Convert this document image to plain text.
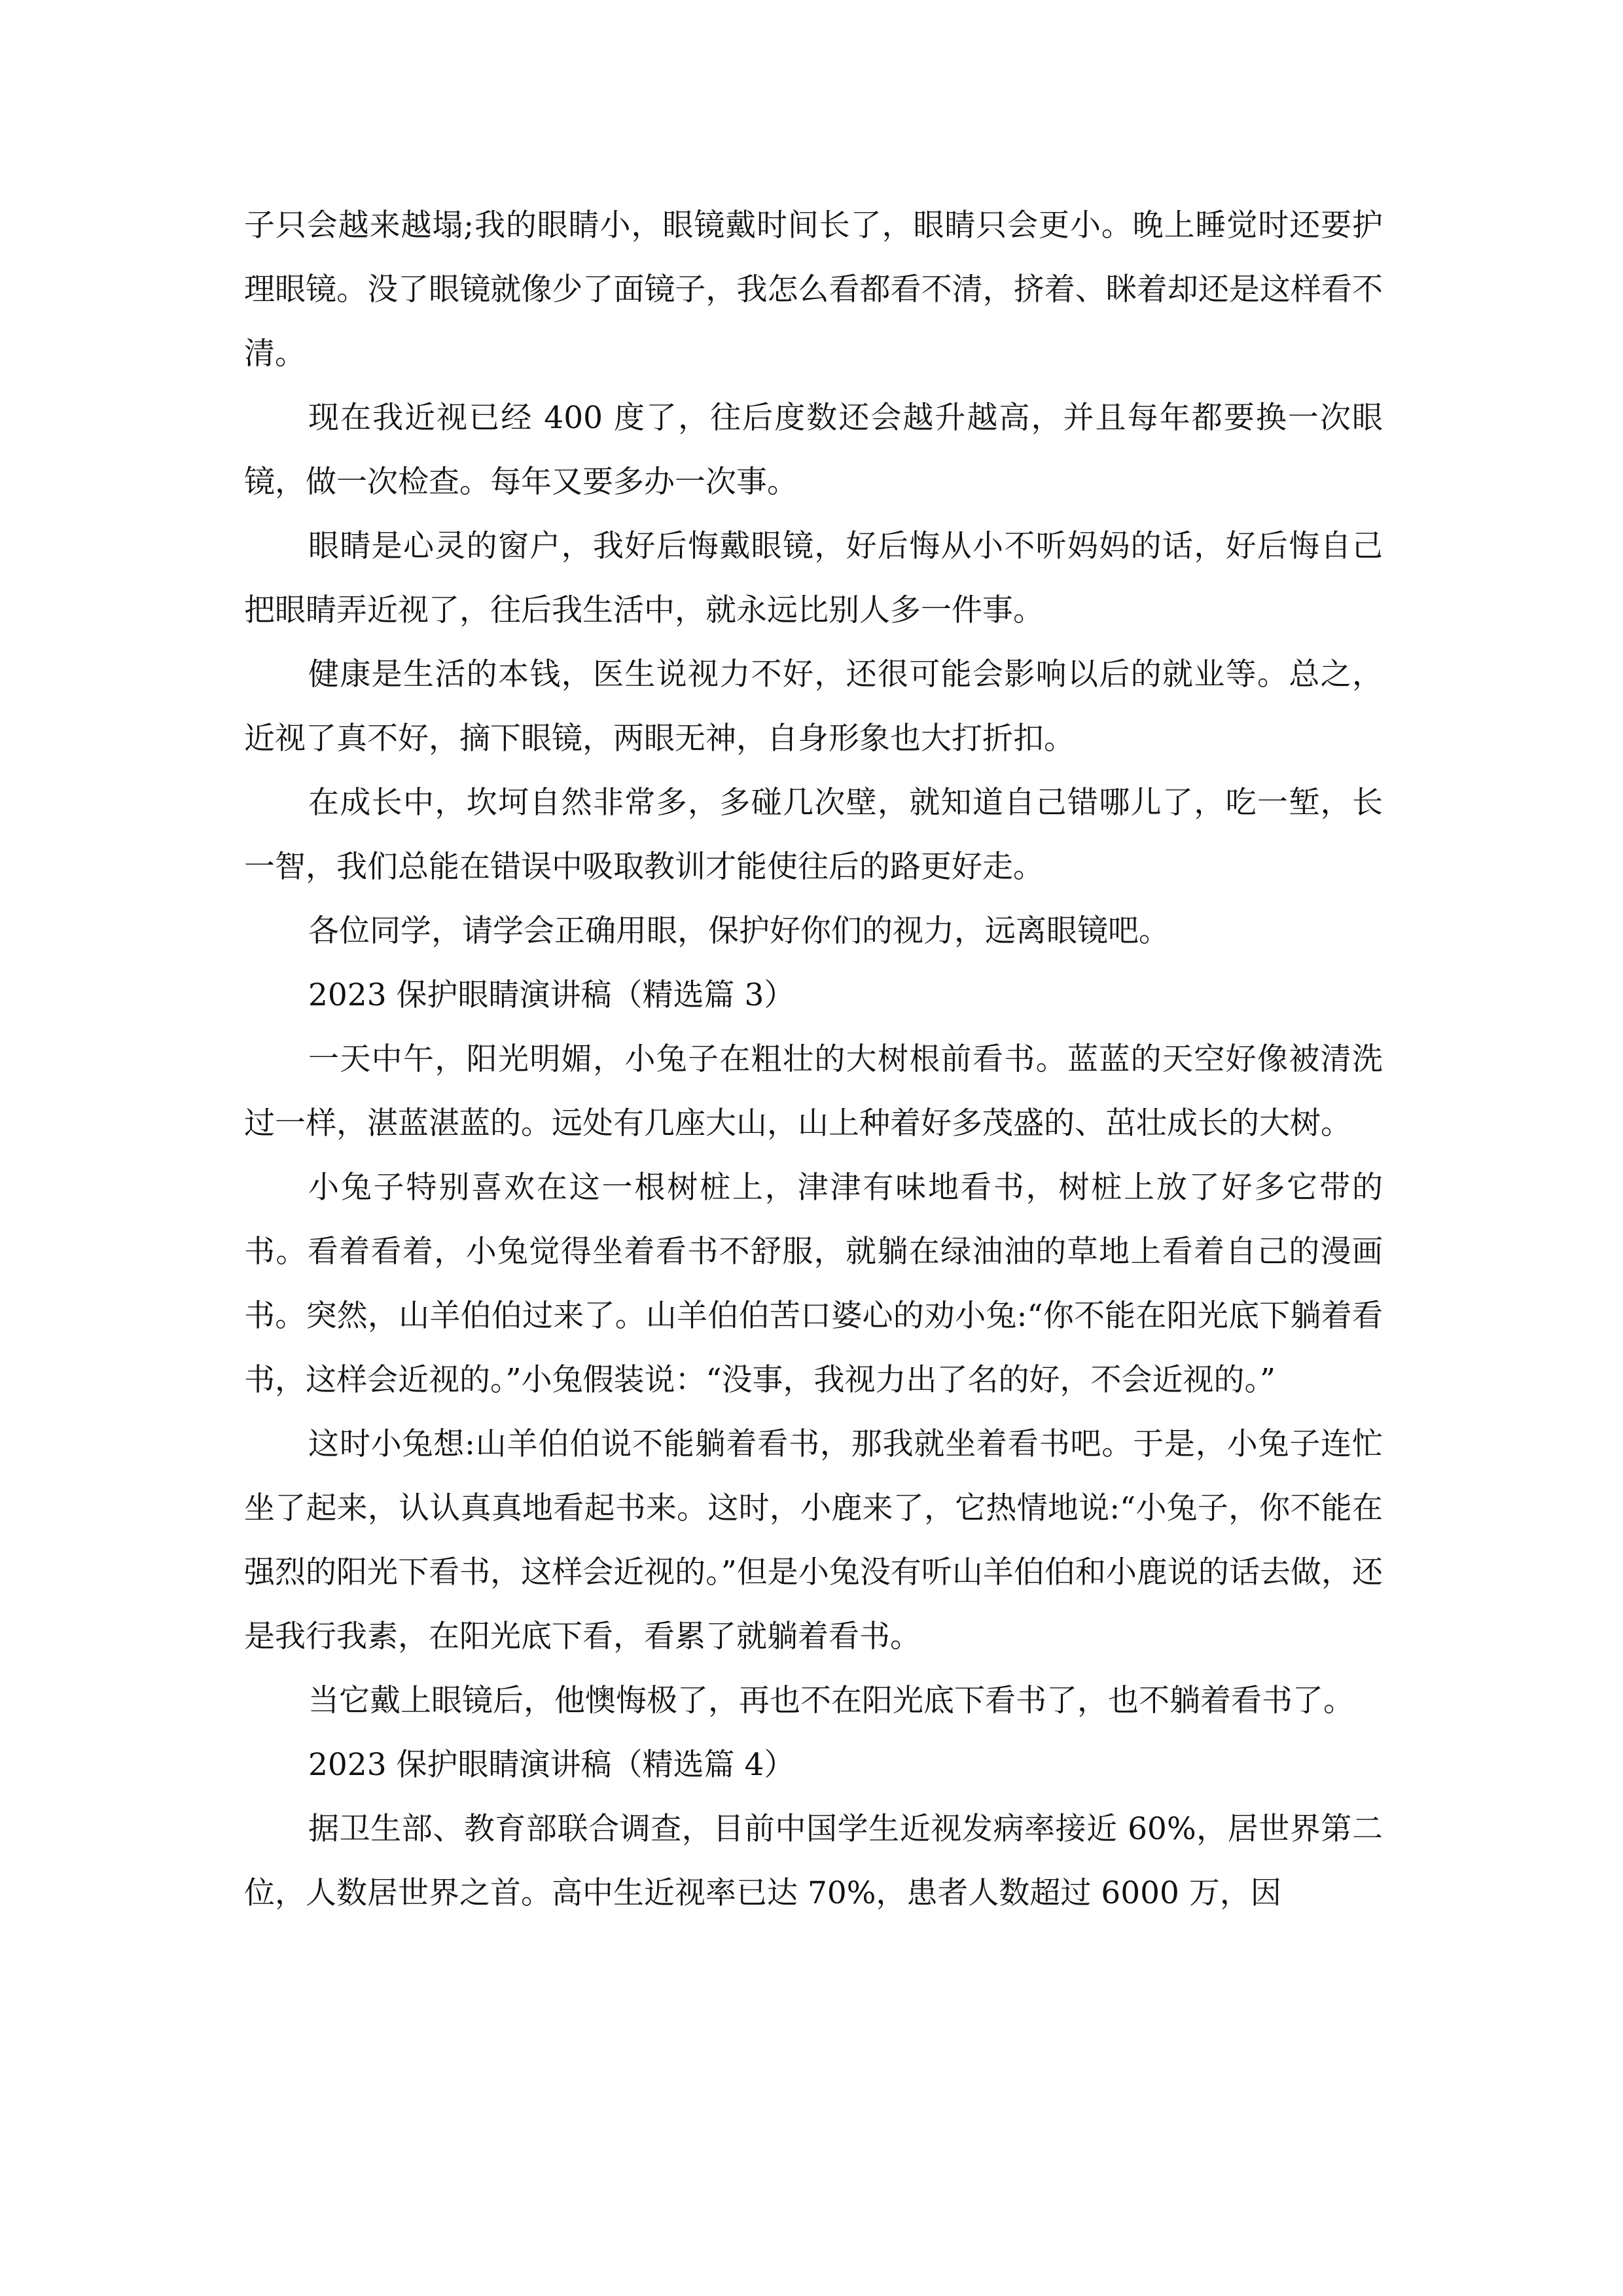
子只会越来越塌;我的眼睛小，眼镜戴时间长了，眼睛只会更小。晚上睡觉时还要护理眼镜。没了眼镜就像少了面镜子，我怎么看都看不清，挤着、眯着却还是这样看不清。

现在我近视已经 400 度了，往后度数还会越升越高，并且每年都要换一次眼镜，做一次检查。每年又要多办一次事。

眼睛是心灵的窗户，我好后悔戴眼镜，好后悔从小不听妈妈的话，好后悔自己把眼睛弄近视了，往后我生活中，就永远比别人多一件事。

健康是生活的本钱，医生说视力不好，还很可能会影响以后的就业等。总之，近视了真不好，摘下眼镜，两眼无神，自身形象也大打折扣。

在成长中，坎坷自然非常多，多碰几次壁，就知道自己错哪儿了，吃一堑，长一智，我们总能在错误中吸取教训才能使往后的路更好走。

各位同学，请学会正确用眼，保护好你们的视力，远离眼镜吧。

2023 保护眼睛演讲稿（精选篇 3）

一天中午，阳光明媚，小兔子在粗壮的大树根前看书。蓝蓝的天空好像被清洗过一样，湛蓝湛蓝的。远处有几座大山，山上种着好多茂盛的、茁壮成长的大树。

小兔子特别喜欢在这一根树桩上，津津有味地看书，树桩上放了好多它带的书。看着看着，小兔觉得坐着看书不舒服，就躺在绿油油的草地上看着自己的漫画书。突然，山羊伯伯过来了。山羊伯伯苦口婆心的劝小兔:“你不能在阳光底下躺着看书，这样会近视的。”小兔假装说：“没事，我视力出了名的好，不会近视的。”

这时小兔想:山羊伯伯说不能躺着看书，那我就坐着看书吧。于是，小兔子连忙坐了起来，认认真真地看起书来。这时，小鹿来了，它热情地说:“小兔子，你不能在强烈的阳光下看书，这样会近视的。”但是小兔没有听山羊伯伯和小鹿说的话去做，还是我行我素，在阳光底下看，看累了就躺着看书。

当它戴上眼镜后，他懊悔极了，再也不在阳光底下看书了，也不躺着看书了。

2023 保护眼睛演讲稿（精选篇 4）

据卫生部、教育部联合调查，目前中国学生近视发病率接近 60%，居世界第二位，人数居世界之首。高中生近视率已达 70%，患者人数超过 6000 万，因
